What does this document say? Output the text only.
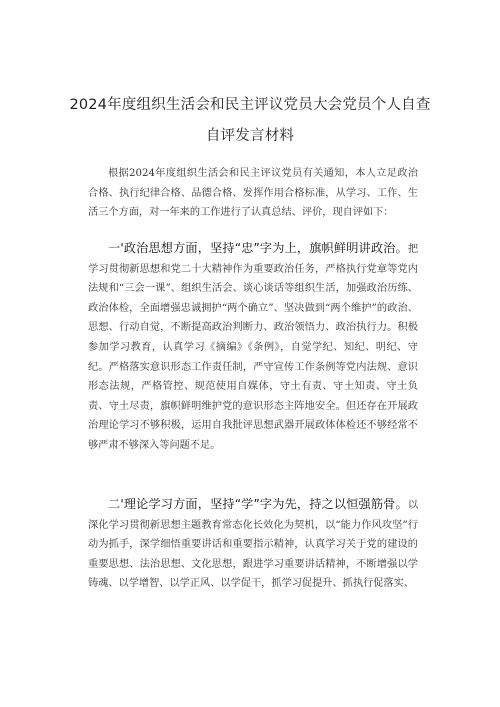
2024年度组织生活会和民主评议党员大会党员个人自查
自评发言材料

根据2024年度组织生活会和民主评议党员有关通知，本人立足政治合格、执行纪律合格、品德合格、发挥作用合格标准，从学习、工作、生活三个方面，对一年来的工作进行了认真总结、评价，现自评如下：

一'政治思想方面，坚持“忠”字为上，旗帜鲜明讲政治。把学习贯彻新思想和党二十大精神作为重要政治任务，严格执行党章等党内法规和“三会一课”、组织生活会、谈心谈话等组织生活，加强政治历练、政治体检，全面增强忠诚拥护“两个确立”、坚决做到“两个维护”的政治、思想、行动自觉，不断提高政治判断力、政治领悟力、政治执行力。积极参加学习教育，认真学习《摘编》《条例》，自觉学纪、知纪、明纪、守纪。严格落实意识形态工作责任制，严守宣传工作条例等党内法规、意识形态法规，严格管控、规范使用自媒体，守土有责、守土知责、守土负责、守土尽责，旗帜鲜明维护党的意识形态主阵地安全。但还存在开展政治理论学习不够积极，运用自我批评思想武器开展政体体检还不够经常不够严肃不够深入等问题不足。

二'理论学习方面，坚持“学”字为先，持之以恒强筋骨。以深化学习贯彻新思想主题教育常态化长效化为契机，以“能力作风攻坚”行动为抓手，深学细悟重要讲话和重要指示精神，认真学习关于党的建设的重要思想、法治思想、文化思想，跟进学习重要讲话精神，不断增强以学铸魂、以学增智、以学正风、以学促干，抓学习促提升、抓执行促落实、
